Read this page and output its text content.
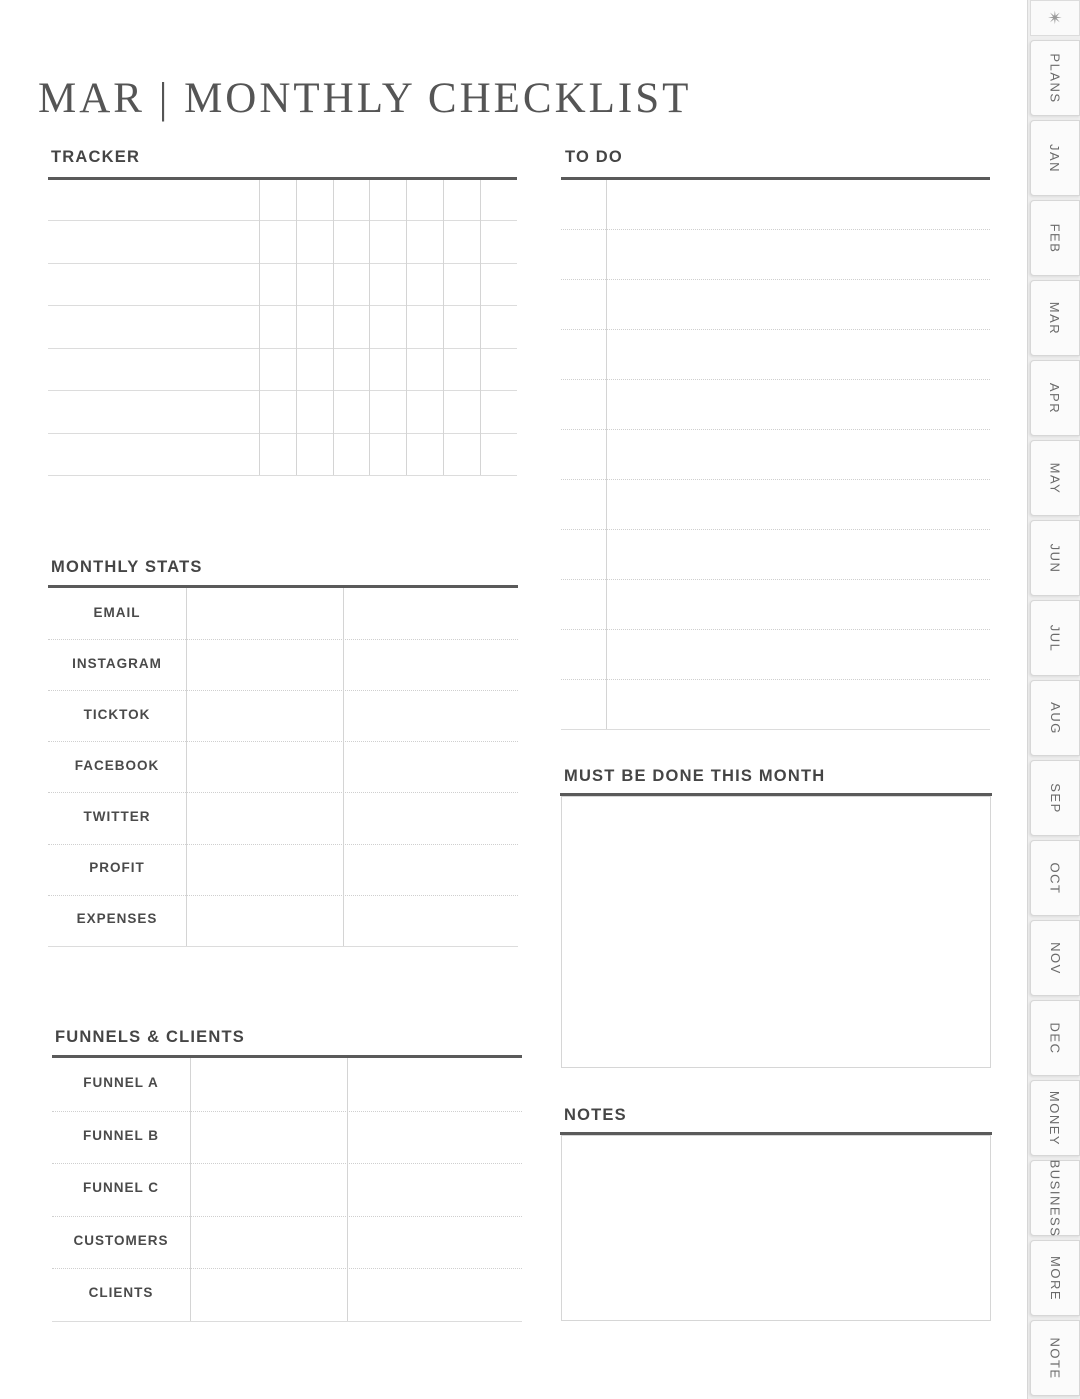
MAR | MONTHLY CHECKLIST
TRACKER	TO DO
MONTHLY STATS
EMAIL
INSTAGRAM
TICKTOK
FACEBOOK
TWITTER
PROFIT
EXPENSES
FUNNELS & CLIENTS
FUNNEL A
FUNNEL B
FUNNEL C
CUSTOMERS
CLIENTS
MUST BE DONE THIS MONTH
NOTES
✴
PLANS
JAN
FEB
MAR
APR
MAY
JUN
JUL
AUG
SEP
OCT
NOV
DEC
MONEY
BUSINESS
MORE
NOTE
